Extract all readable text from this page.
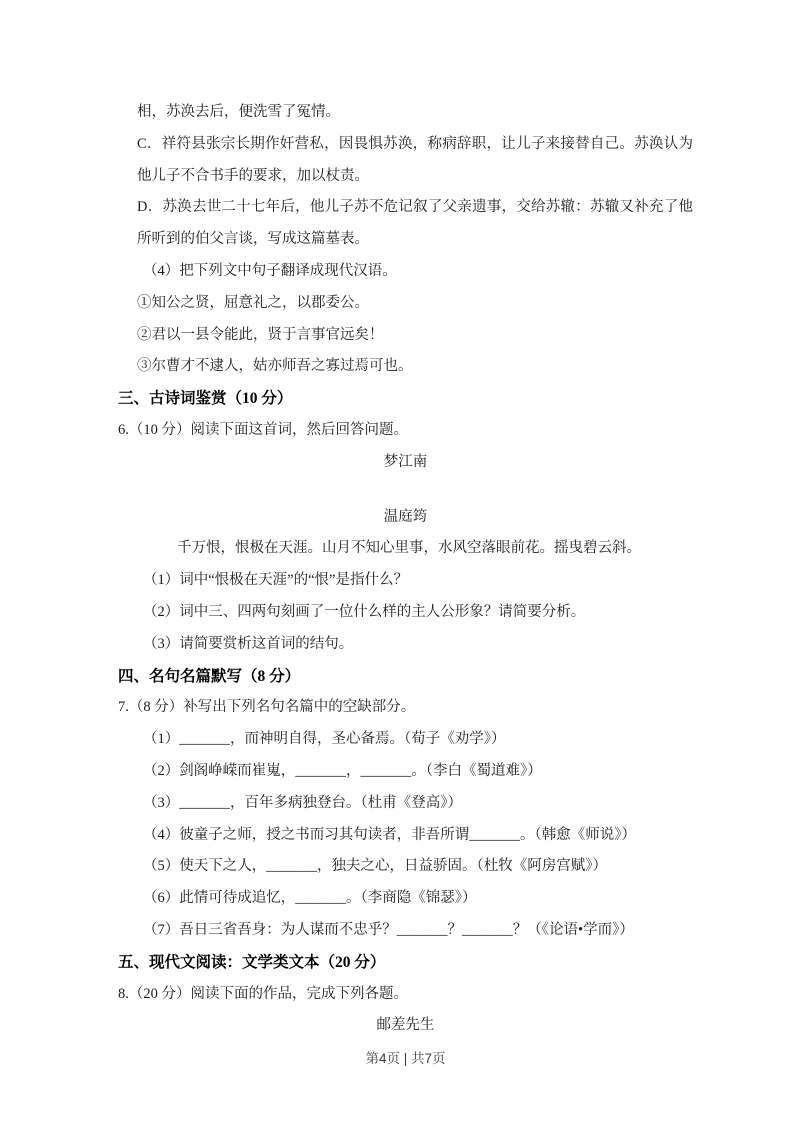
相，苏涣去后，便洗雪了冤情。

C．祥符县张宗长期作奸营私，因畏惧苏涣，称病辞职，让儿子来接替自己。苏涣认为他儿子不合书手的要求，加以杖责。

D．苏涣去世二十七年后，他儿子苏不危记叙了父亲遗事，交给苏辙：苏辙又补充了他所听到的伯父言谈，写成这篇墓表。

（4）把下列文中句子翻译成现代汉语。

①知公之贤，屈意礼之，以郡委公。

②君以一县令能此，贤于言事官远矣！

③尔曹才不逮人，姑亦师吾之寡过焉可也。

三、古诗词鉴赏（10 分）

6.（10 分）阅读下面这首词，然后回答问题。

梦江南

温庭筠

千万恨，恨极在天涯。山月不知心里事，水风空落眼前花。摇曳碧云斜。

（1）词中“恨极在天涯”的“恨”是指什么？

（2）词中三、四两句刻画了一位什么样的主人公形象？请简要分析。

（3）请简要赏析这首词的结句。

四、名句名篇默写（8 分）

7.（8 分）补写出下列名句名篇中的空缺部分。

（1）_______，而神明自得，圣心备焉。（荀子《劝学》）

（2）剑阁峥嵘而崔嵬，_______，_______。（李白《蜀道难》）

（3）_______，百年多病独登台。（杜甫《登高》）

（4）彼童子之师，授之书而习其句读者，非吾所谓_______。（韩愈《师说》）

（5）使天下之人，_______，独夫之心，日益骄固。（杜牧《阿房宫赋》）

（6）此情可待成追忆，_______。（李商隐《锦瑟》）

（7）吾日三省吾身：为人谋而不忠乎？_______？_______？（《论语•学而》）

五、现代文阅读：文学类文本（20 分）

8.（20 分）阅读下面的作品，完成下列各题。

邮差先生

第4页 | 共7页
